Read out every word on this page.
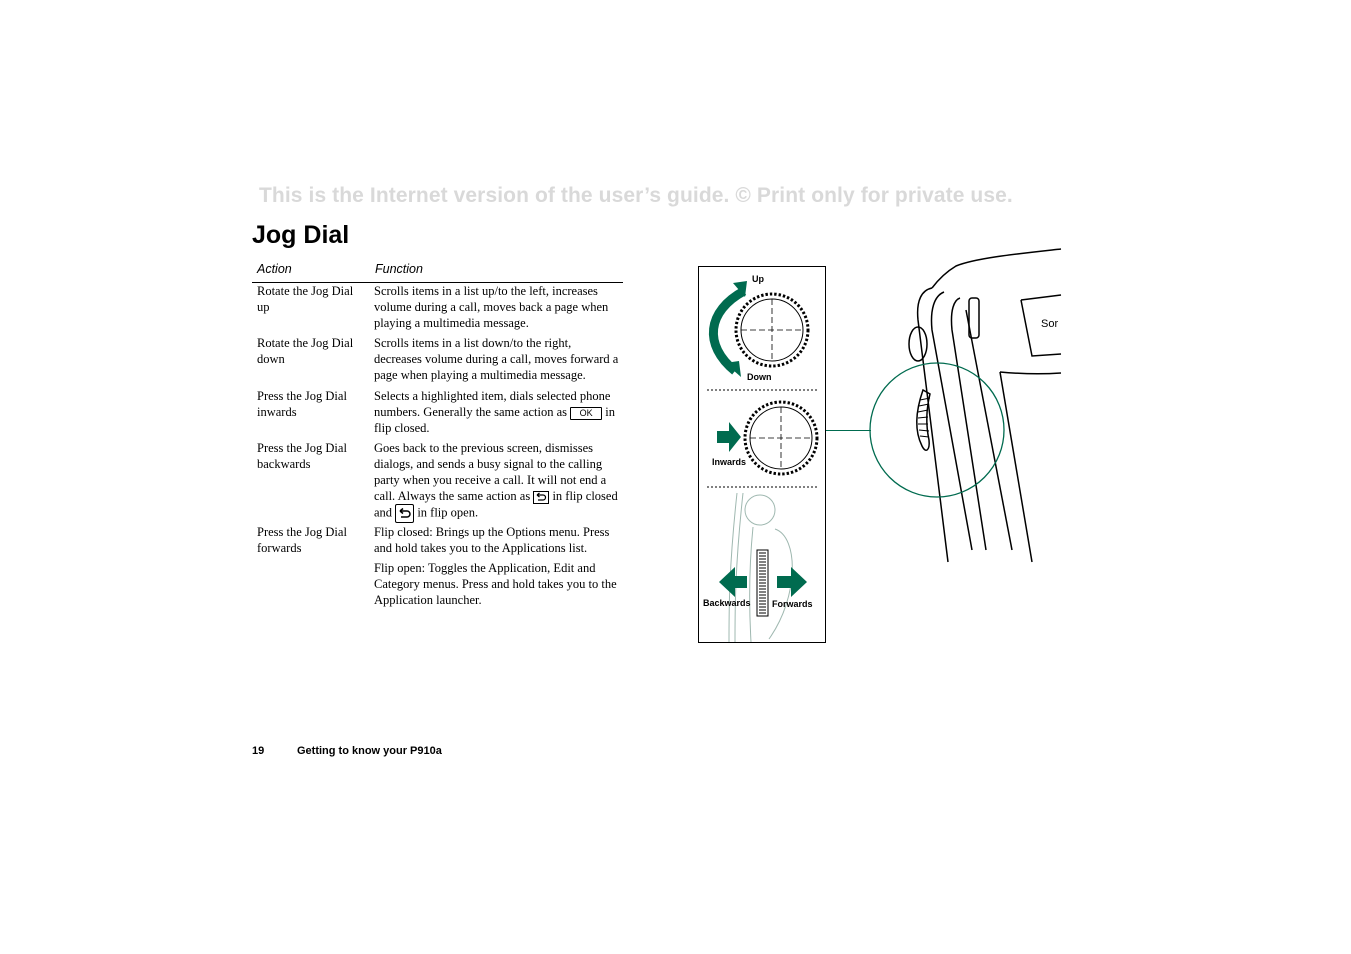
This is the Internet version of the user’s guide. © Print only for private use.
Jog Dial
Action	Function
Rotate the Jog Dial up
Scrolls items in a list up/to the left, increases volume during a call, moves back a page when playing a multimedia message.
Rotate the Jog Dial down
Scrolls items in a list down/to the right, decreases volume during a call, moves forward a page when playing a multimedia message.
Press the Jog Dial inwards
Selects a highlighted item, dials selected phone numbers. Generally the same action as OK in flip closed.
Press the Jog Dial backwards
Goes back to the previous screen, dismisses dialogs, and sends a busy signal to the calling party when you receive a call. It will not end a call. Always the same action as in flip closed and in flip open.
Press the Jog Dial forwards
Flip closed: Brings up the Options menu. Press and hold takes you to the Applications list.
Flip open: Toggles the Application, Edit and Category menus. Press and hold takes you to the Application launcher.
Up
Down
Inwards
Backwards Forwards
Sor
19	Getting to know your P910a
